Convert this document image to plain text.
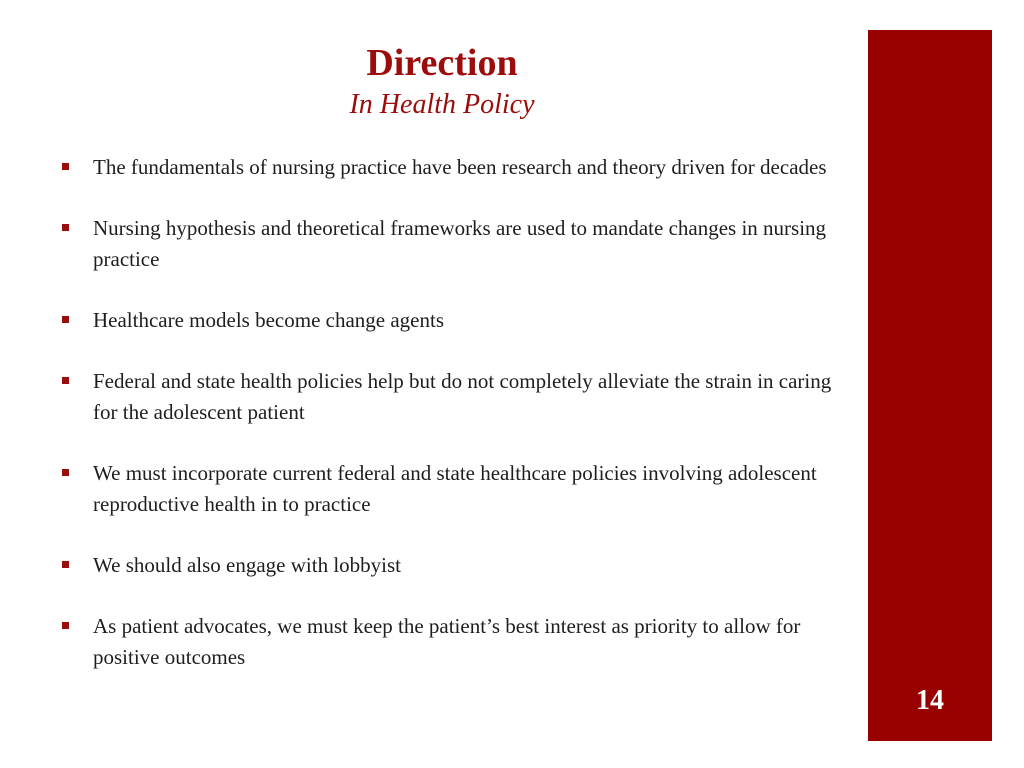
Direction
In Health Policy
The fundamentals of nursing practice have been research and theory driven for decades
Nursing hypothesis and theoretical frameworks are used to mandate changes in nursing practice
Healthcare models become change agents
Federal and state health policies help but do not completely alleviate the strain in caring for the adolescent patient
We must incorporate current federal and state healthcare policies involving adolescent reproductive health in to practice
We should also engage with lobbyist
As patient advocates, we must keep the patient’s best interest as priority to allow for positive outcomes
14
